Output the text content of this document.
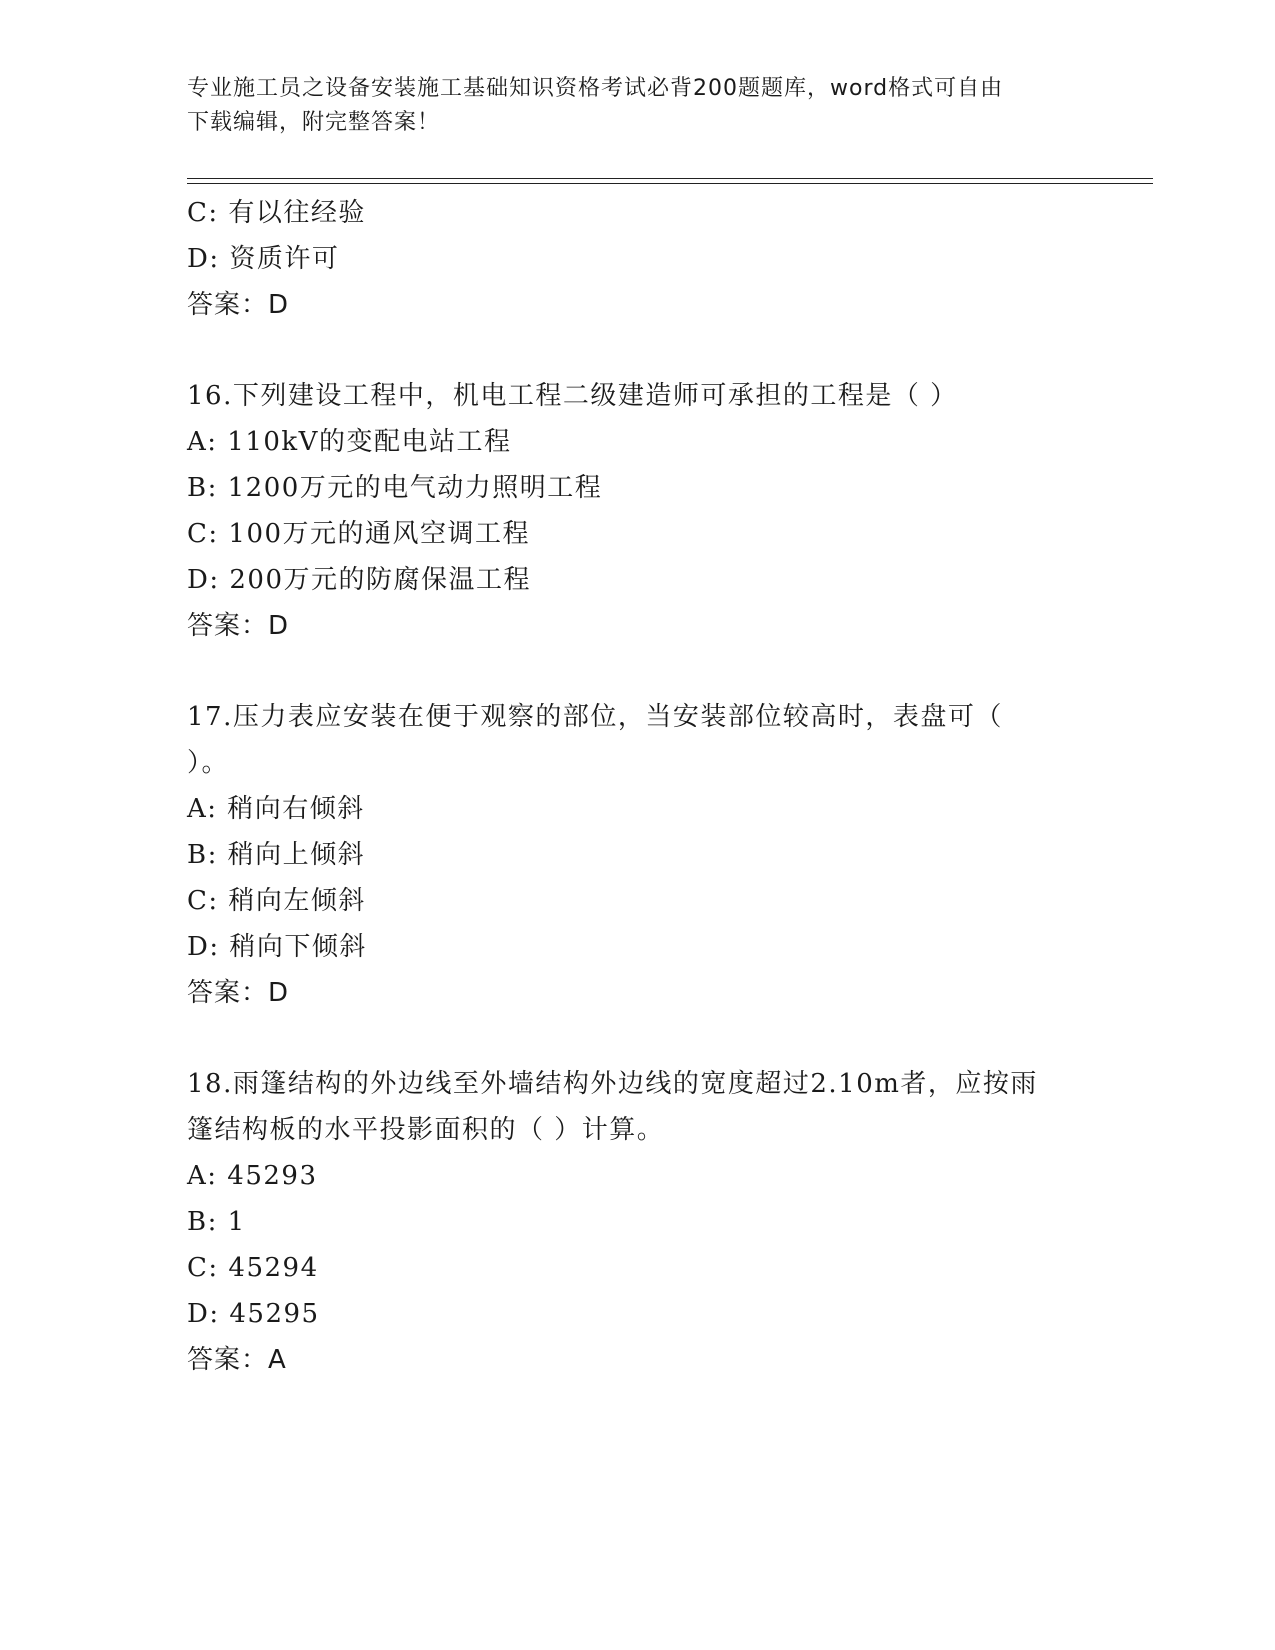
专业施工员之设备安装施工基础知识资格考试必背200题题库，word格式可自由
下载编辑，附完整答案！
C: 有以往经验
D: 资质许可
答案：D
16.下列建设工程中，机电工程二级建造师可承担的工程是（ ）
A: 110kV的变配电站工程
B: 1200万元的电气动力照明工程
C: 100万元的通风空调工程
D: 200万元的防腐保温工程
答案：D
17.压力表应安装在便于观察的部位，当安装部位较高时，表盘可（
）。
A: 稍向右倾斜
B: 稍向上倾斜
C: 稍向左倾斜
D: 稍向下倾斜
答案：D
18.雨篷结构的外边线至外墙结构外边线的宽度超过2.10m者，应按雨
篷结构板的水平投影面积的（ ）计算。
A: 45293
B: 1
C: 45294
D: 45295
答案：A
